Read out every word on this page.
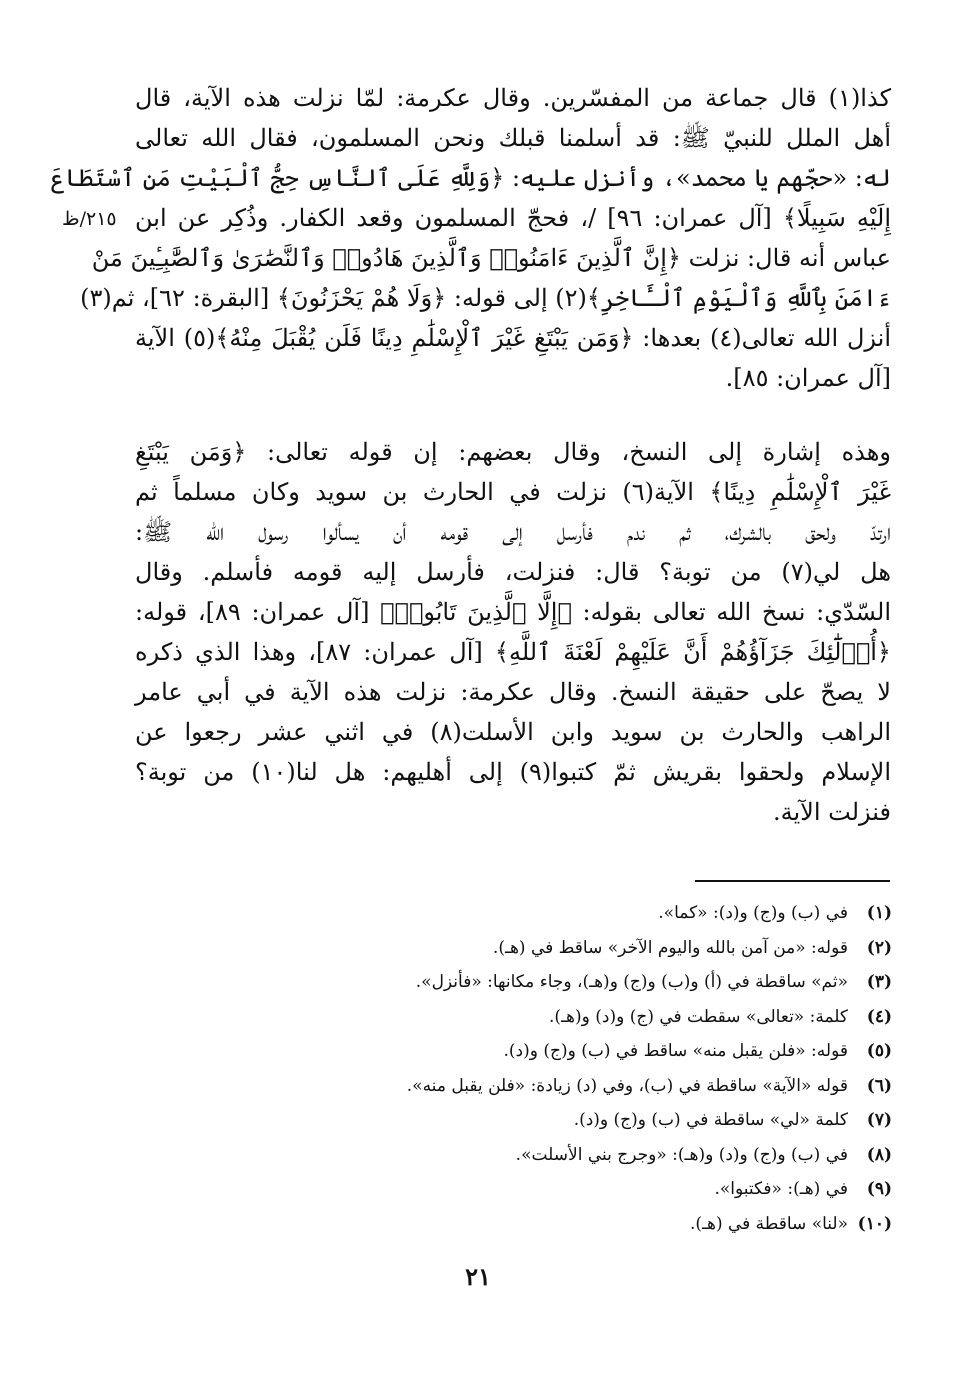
٢١٥/ظ

كذا(١) قال جماعة من المفسّرين. وقال عكرمة: لمّا نزلت هذه الآية، قال
أهل الملل للنبيّ ﷺ: قد أسلمنا قبلك ونحن المسلمون، فقال الله تعالى
له: «حجّهم يا محمد»، وأنزل عليه: ﴿وَلِلَّهِ عَلَى ٱلنَّاسِ حِجُّ ٱلْبَيْتِ مَنِ ٱسْتَطَاعَ
إِلَيْهِ سَبِيلًا﴾ [آل عمران: ٩٦] /، فحجّ المسلمون وقعد الكفار. وذُكِر عن ابن
عباس أنه قال: نزلت ﴿إِنَّ ٱلَّذِينَ ءَامَنُوا۟ وَٱلَّذِينَ هَادُوا۟ وَٱلنَّصَٰرَىٰ وَٱلصَّٰبِـِٔينَ مَنْ
ءَامَنَ بِٱللَّهِ وَٱلْيَوْمِ ٱلْـَٔاخِرِ﴾(٢) إلى قوله: ﴿وَلَا هُمْ يَحْزَنُونَ﴾ [البقرة: ٦٢]، ثم(٣)
أنزل الله تعالى(٤) بعدها: ﴿وَمَن يَبْتَغِ غَيْرَ ٱلْإِسْلَٰمِ دِينًا فَلَن يُقْبَلَ مِنْهُ﴾(٥) الآية
[آل عمران: ٨٥].

وهذه إشارة إلى النسخ، وقال بعضهم: إن قوله تعالى: ﴿وَمَن يَبْتَغِ
غَيْرَ ٱلْإِسْلَٰمِ دِينًا﴾ الآية(٦) نزلت في الحارث بن سويد وكان مسلماً ثم
ارتدّ ولحق بالشرك، ثم ندم فأرسل إلى قومه أن يسألوا رسول الله ﷺ:
هل لي(٧) من توبة؟ قال: فنزلت، فأرسل إليه قومه فأسلم. وقال
السّدّي: نسخ الله تعالى بقوله: ﴿إِلَّا ٱلَّذِينَ تَابُوا۟﴾ [آل عمران: ٨٩]، قوله:
﴿أُو۟لَٰٓئِكَ جَزَآؤُهُمْ أَنَّ عَلَيْهِمْ لَعْنَةَ ٱللَّهِ﴾ [آل عمران: ٨٧]، وهذا الذي ذكره
لا يصحّ على حقيقة النسخ. وقال عكرمة: نزلت هذه الآية في أبي عامر
الراهب والحارث بن سويد وابن الأسلت(٨) في اثني عشر رجعوا عن
الإسلام ولحقوا بقريش ثمّ كتبوا(٩) إلى أهليهم: هل لنا(١٠) من توبة؟
فنزلت الآية.

(١)في (ب) و(ج) و(د): «كما».
(٢)قوله: «من آمن بالله واليوم الآخر» ساقط في (هـ).
(٣)«ثم» ساقطة في (أ) و(ب) و(ج) و(هـ)، وجاء مكانها: «فأنزل».
(٤)كلمة: «تعالى» سقطت في (ج) و(د) و(هـ).
(٥)قوله: «فلن يقبل منه» ساقط في (ب) و(ج) و(د).
(٦)قوله «الآية» ساقطة في (ب)، وفي (د) زيادة: «فلن يقبل منه».
(٧)كلمة «لي» ساقطة في (ب) و(ج) و(د).
(٨)في (ب) و(ج) و(د) و(هـ): «وجرج بني الأسلت».
(٩)في (هـ): «فكتبوا».
(١٠)«لنا» ساقطة في (هـ).
٢١
